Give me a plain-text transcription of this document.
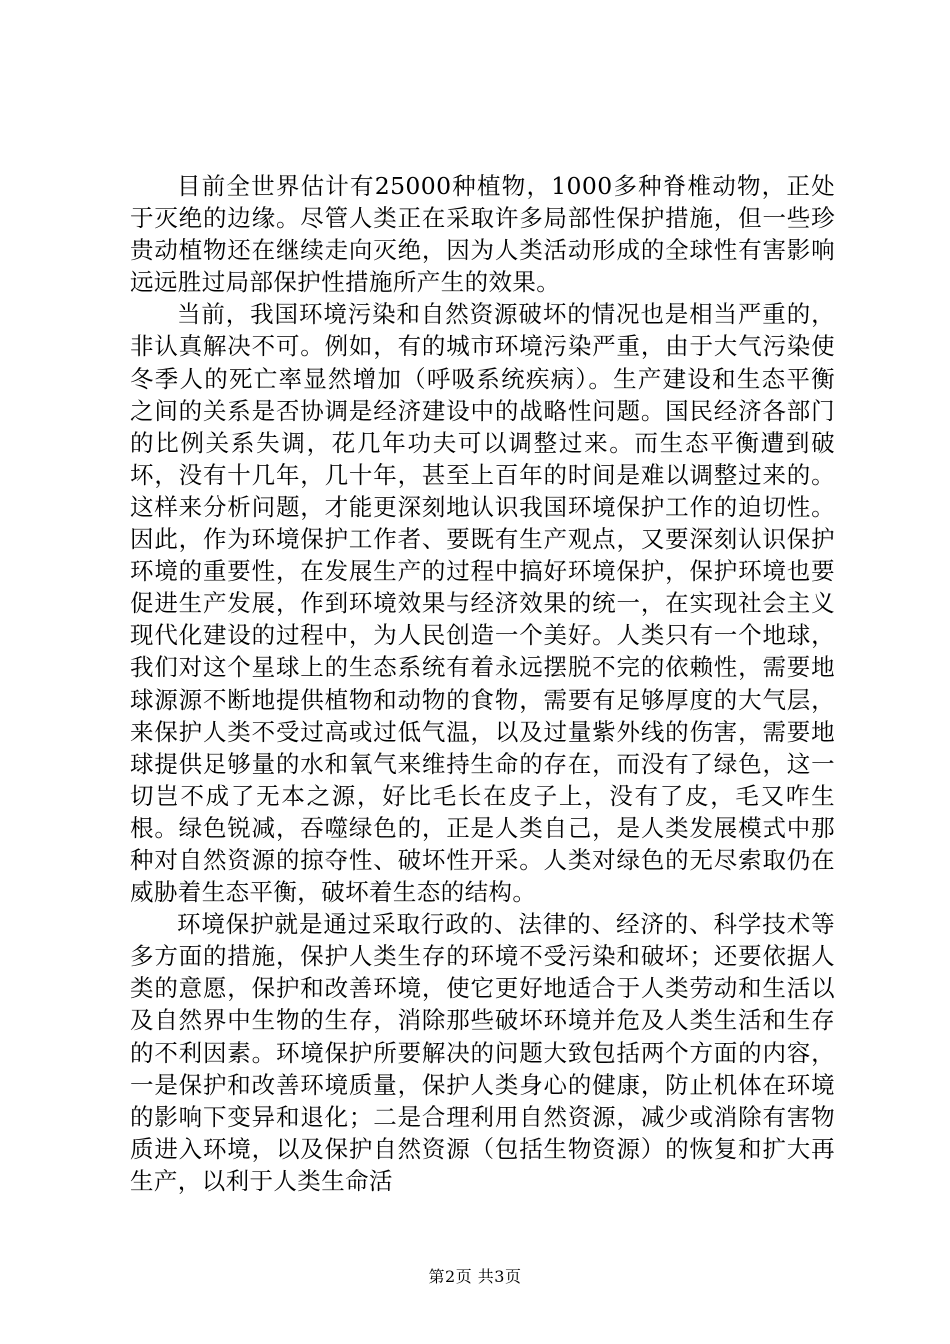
目前全世界估计有25000种植物，1000多种脊椎动物，正处于灭绝的边缘。尽管人类正在采取许多局部性保护措施，但一些珍贵动植物还在继续走向灭绝，因为人类活动形成的全球性有害影响远远胜过局部保护性措施所产生的效果。

当前，我国环境污染和自然资源破坏的情况也是相当严重的，非认真解决不可。例如，有的城市环境污染严重，由于大气污染使冬季人的死亡率显然增加（呼吸系统疾病）。生产建设和生态平衡之间的关系是否协调是经济建设中的战略性问题。国民经济各部门的比例关系失调，花几年功夫可以调整过来。而生态平衡遭到破坏，没有十几年，几十年，甚至上百年的时间是难以调整过来的。这样来分析问题，才能更深刻地认识我国环境保护工作的迫切性。因此，作为环境保护工作者、要既有生产观点，又要深刻认识保护环境的重要性，在发展生产的过程中搞好环境保护，保护环境也要促进生产发展，作到环境效果与经济效果的统一，在实现社会主义现代化建设的过程中，为人民创造一个美好。人类只有一个地球，我们对这个星球上的生态系统有着永远摆脱不完的依赖性，需要地球源源不断地提供植物和动物的食物，需要有足够厚度的大气层，来保护人类不受过高或过低气温，以及过量紫外线的伤害，需要地球提供足够量的水和氧气来维持生命的存在，而没有了绿色，这一切岂不成了无本之源，好比毛长在皮子上，没有了皮，毛又咋生根。绿色锐减，吞噬绿色的，正是人类自己，是人类发展模式中那种对自然资源的掠夺性、破坏性开采。人类对绿色的无尽索取仍在威胁着生态平衡，破坏着生态的结构。

环境保护就是通过采取行政的、法律的、经济的、科学技术等多方面的措施，保护人类生存的环境不受污染和破坏；还要依据人类的意愿，保护和改善环境，使它更好地适合于人类劳动和生活以及自然界中生物的生存，消除那些破坏环境并危及人类生活和生存的不利因素。环境保护所要解决的问题大致包括两个方面的内容，一是保护和改善环境质量，保护人类身心的健康，防止机体在环境的影响下变异和退化；二是合理利用自然资源，减少或消除有害物质进入环境，以及保护自然资源（包括生物资源）的恢复和扩大再生产，以利于人类生命活

第2页 共3页
